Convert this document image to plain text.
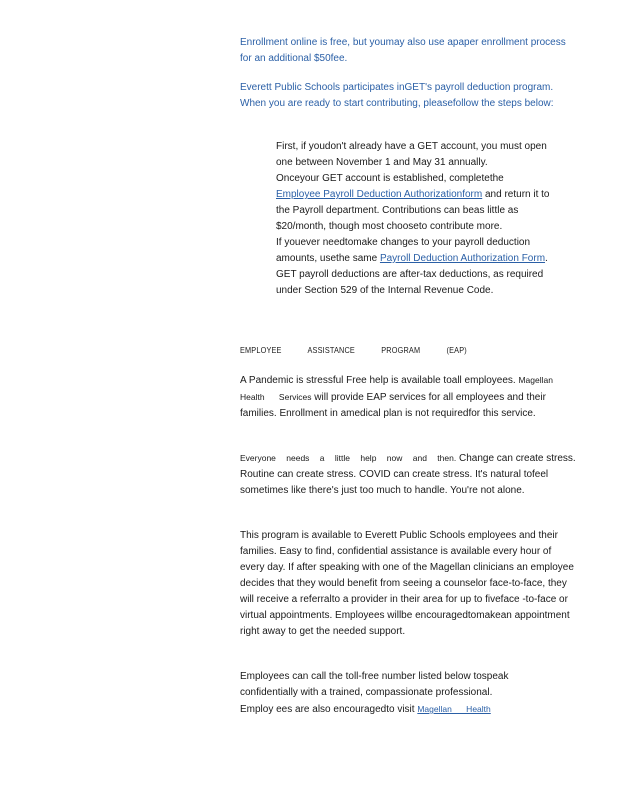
Enrollment online is free, but youmay also use apaper enrollment process for an additional $50fee.

Everett Public Schools participates inGET's payroll deduction program. When you are ready to start contributing, pleasefollow the steps below:

First, if youdon't already have a GET account, you must open one between November 1 and May 31 annually.
Onceyour GET account is established, completethe
Employee Payroll Deduction Authorizationform and return it to the Payroll department. Contributions can beas little as $20/month, though most chooseto contribute more.
If youever needtomake changes to your payroll deduction amounts, usethe same Payroll Deduction Authorization Form.
GET payroll deductions are after-tax deductions, as required under Section 529 of the Internal Revenue Code.

EMPLOYEE ASSISTANCE PROGRAM (EAP)

A Pandemic is stressful Free help is available toall employees. Magellan Health Services will provide EAP services for all employees and their families. Enrollment in amedical plan is not requiredfor this service.

Everyone needs a little help now and then. Change can create stress. Routine can create stress. COVID can create stress. It's natural tofeel sometimes like there's just too much to handle. You're not alone.

This program is available to Everett Public Schools employees and their families. Easy to find, confidential assistance is available every hour of every day. If after speaking with one of the Magellan clinicians an employee decides that they would benefit from seeing a counselor face-to-face, they will receive a referralto a provider in their area for up to fiveface -to-face or virtual appointments. Employees willbe encouragedtomakean appointment right away to get the needed support.

Employees can call the toll-free number listed below tospeak confidentially with a trained, compassionate professional.
Employ ees are also encouragedto visit Magellan Health
